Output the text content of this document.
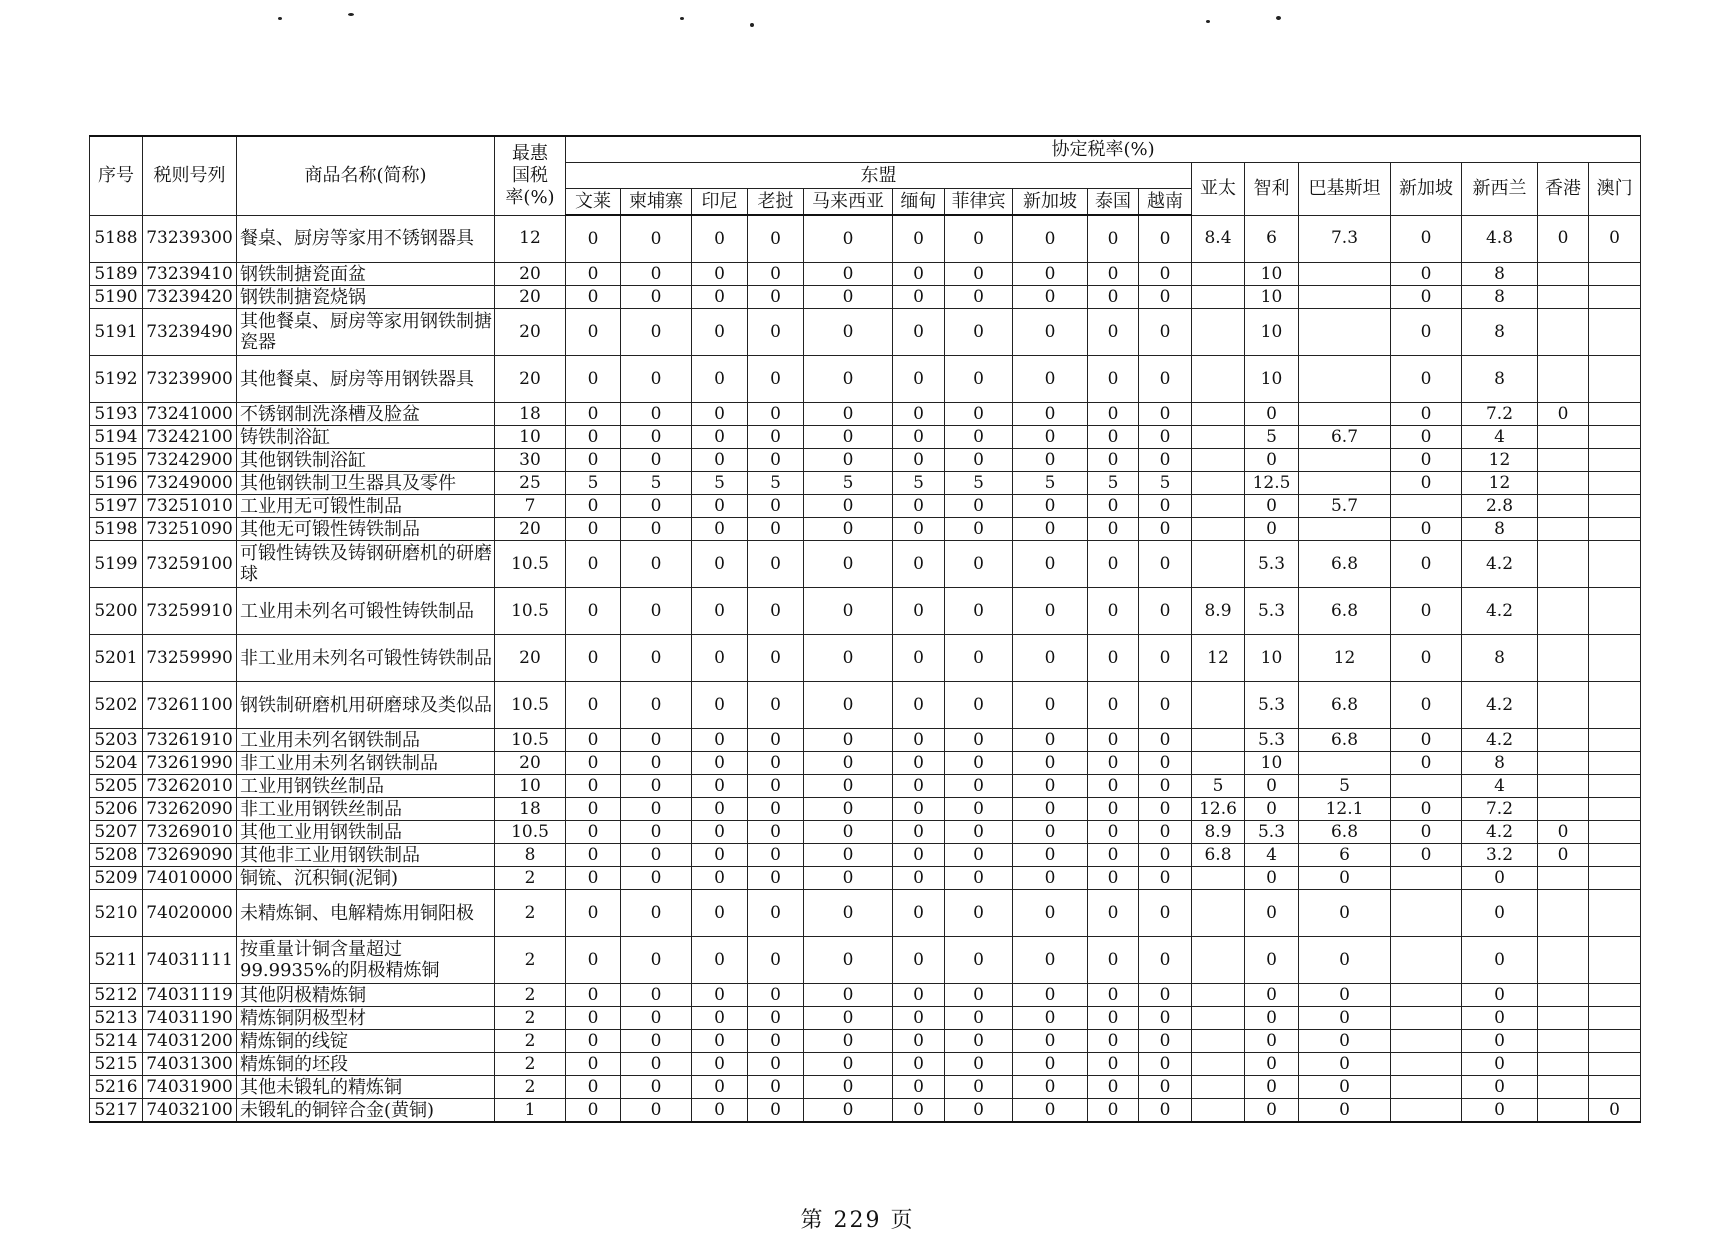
序号	税则号列	商品名称(简称)	最惠国税率(%)	协定税率(%)																
				东盟										亚太	智利	巴基斯坦	新加坡	新西兰	香港	澳门
				文莱	柬埔寨	印尼	老挝	马来西亚	缅甸	菲律宾	新加坡	泰国	越南							
5188	73239300	餐桌、厨房等家用不锈钢器具	12	0	0	0	0	0	0	0	0	0	0	8.4	6	7.3	0	4.8	0	0
5189	73239410	钢铁制搪瓷面盆	20	0	0	0	0	0	0	0	0	0	0		10		0	8		
5190	73239420	钢铁制搪瓷烧锅	20	0	0	0	0	0	0	0	0	0	0		10		0	8		
5191	73239490	其他餐桌、厨房等家用钢铁制搪瓷器	20	0	0	0	0	0	0	0	0	0	0		10		0	8		
5192	73239900	其他餐桌、厨房等用钢铁器具	20	0	0	0	0	0	0	0	0	0	0		10		0	8		
5193	73241000	不锈钢制洗涤槽及脸盆	18	0	0	0	0	0	0	0	0	0	0		0		0	7.2	0	
5194	73242100	铸铁制浴缸	10	0	0	0	0	0	0	0	0	0	0		5	6.7	0	4		
5195	73242900	其他钢铁制浴缸	30	0	0	0	0	0	0	0	0	0	0		0		0	12		
5196	73249000	其他钢铁制卫生器具及零件	25	5	5	5	5	5	5	5	5	5	5		12.5		0	12		
5197	73251010	工业用无可锻性制品	7	0	0	0	0	0	0	0	0	0	0		0	5.7		2.8		
5198	73251090	其他无可锻性铸铁制品	20	0	0	0	0	0	0	0	0	0	0		0		0	8		
5199	73259100	可锻性铸铁及铸钢研磨机的研磨球	10.5	0	0	0	0	0	0	0	0	0	0		5.3	6.8	0	4.2		
5200	73259910	工业用未列名可锻性铸铁制品	10.5	0	0	0	0	0	0	0	0	0	0	8.9	5.3	6.8	0	4.2		
5201	73259990	非工业用未列名可锻性铸铁制品	20	0	0	0	0	0	0	0	0	0	0	12	10	12	0	8		
5202	73261100	钢铁制研磨机用研磨球及类似品	10.5	0	0	0	0	0	0	0	0	0	0		5.3	6.8	0	4.2		
5203	73261910	工业用未列名钢铁制品	10.5	0	0	0	0	0	0	0	0	0	0		5.3	6.8	0	4.2		
5204	73261990	非工业用未列名钢铁制品	20	0	0	0	0	0	0	0	0	0	0		10		0	8		
5205	73262010	工业用钢铁丝制品	10	0	0	0	0	0	0	0	0	0	0	5	0	5		4		
5206	73262090	非工业用钢铁丝制品	18	0	0	0	0	0	0	0	0	0	0	12.6	0	12.1	0	7.2		
5207	73269010	其他工业用钢铁制品	10.5	0	0	0	0	0	0	0	0	0	0	8.9	5.3	6.8	0	4.2	0	
5208	73269090	其他非工业用钢铁制品	8	0	0	0	0	0	0	0	0	0	0	6.8	4	6	0	3.2	0	
5209	74010000	铜锍、沉积铜(泥铜)	2	0	0	0	0	0	0	0	0	0	0		0	0		0		
5210	74020000	未精炼铜、电解精炼用铜阳极	2	0	0	0	0	0	0	0	0	0	0		0	0		0		
5211	74031111	按重量计铜含量超过99.9935%的阴极精炼铜	2	0	0	0	0	0	0	0	0	0	0		0	0		0		
5212	74031119	其他阴极精炼铜	2	0	0	0	0	0	0	0	0	0	0		0	0		0		
5213	74031190	精炼铜阴极型材	2	0	0	0	0	0	0	0	0	0	0		0	0		0		
5214	74031200	精炼铜的线锭	2	0	0	0	0	0	0	0	0	0	0		0	0		0		
5215	74031300	精炼铜的坯段	2	0	0	0	0	0	0	0	0	0	0		0	0		0		
5216	74031900	其他未锻轧的精炼铜	2	0	0	0	0	0	0	0	0	0	0		0	0		0		
5217	74032100	未锻轧的铜锌合金(黄铜)	1	0	0	0	0	0	0	0	0	0	0		0	0		0		0
第 229 页
